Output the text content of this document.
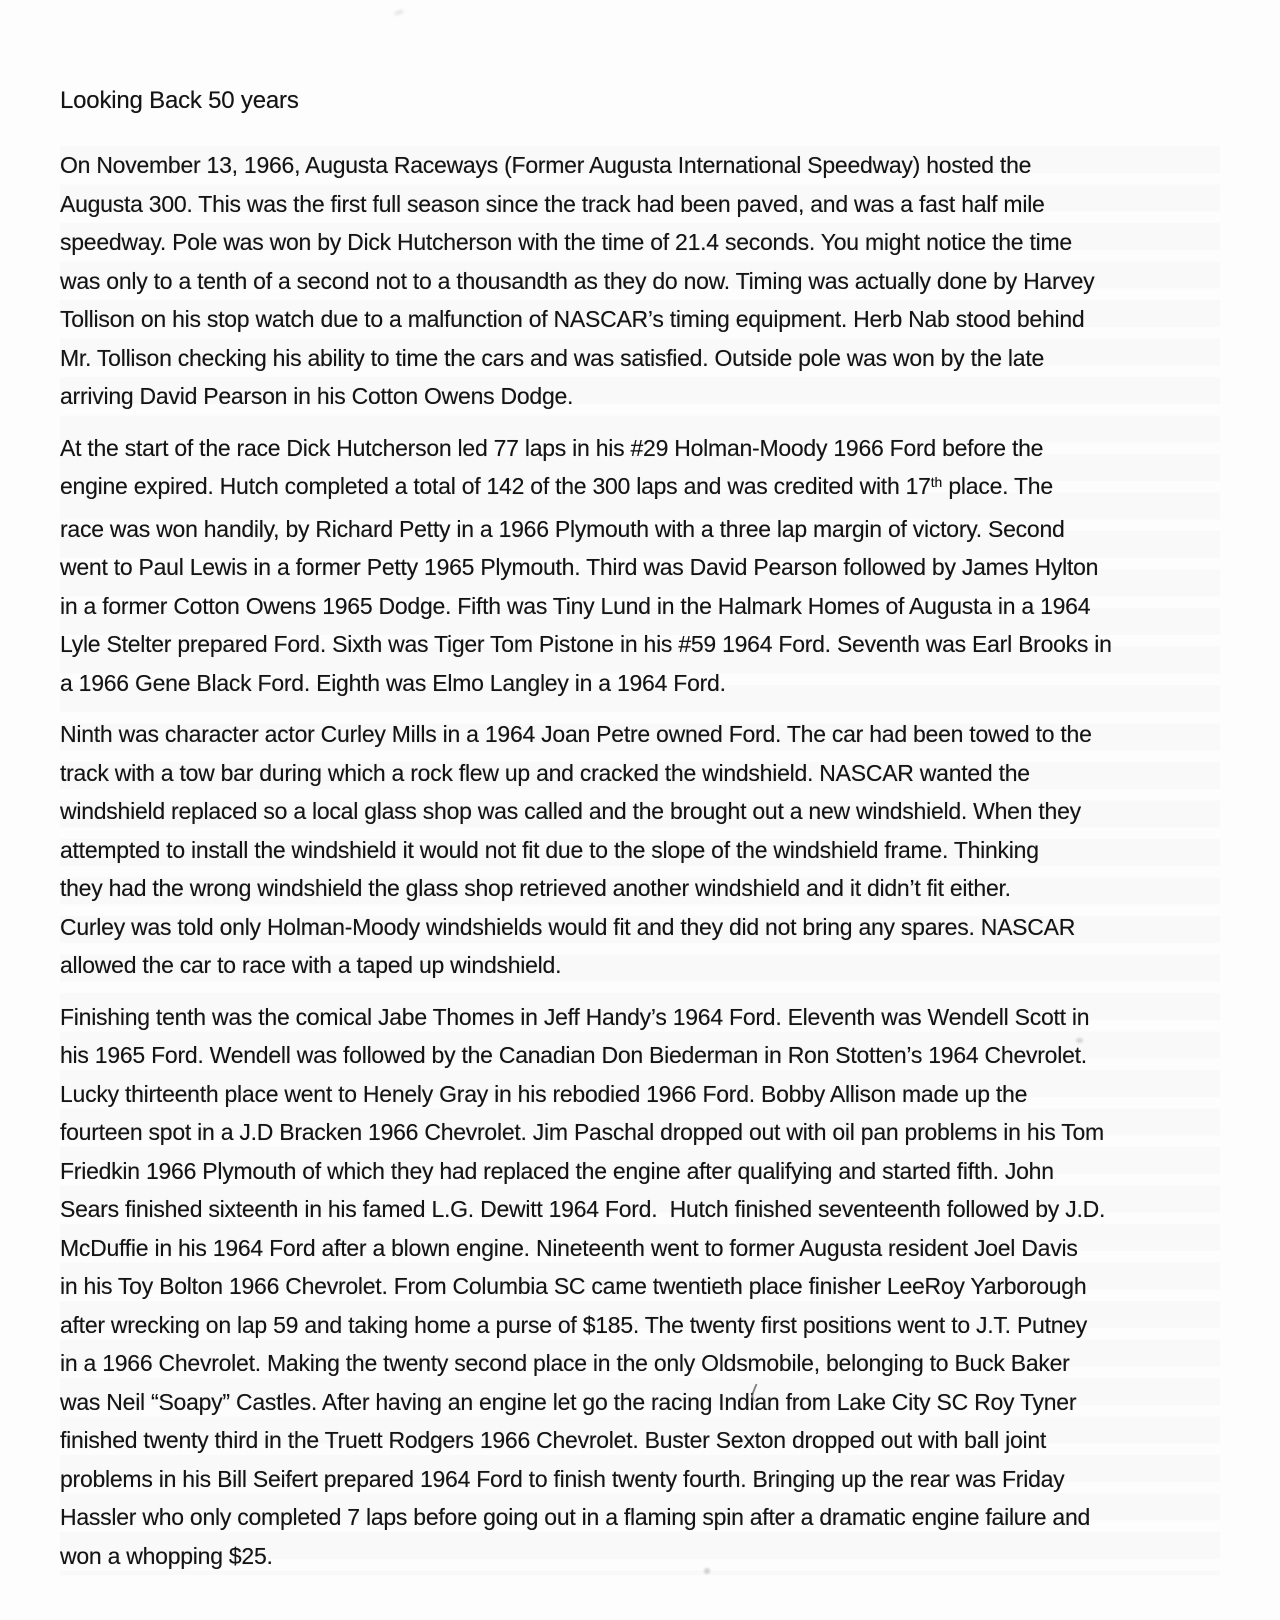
Looking Back 50 years
On November 13, 1966, Augusta Raceways (Former Augusta International Speedway) hosted the
Augusta 300. This was the first full season since the track had been paved, and was a fast half mile
speedway. Pole was won by Dick Hutcherson with the time of 21.4 seconds. You might notice the time
was only to a tenth of a second not to a thousandth as they do now. Timing was actually done by Harvey
Tollison on his stop watch due to a malfunction of NASCAR’s timing equipment. Herb Nab stood behind
Mr. Tollison checking his ability to time the cars and was satisfied. Outside pole was won by the late
arriving David Pearson in his Cotton Owens Dodge.
At the start of the race Dick Hutcherson led 77 laps in his #29 Holman-Moody 1966 Ford before the
engine expired. Hutch completed a total of 142 of the 300 laps and was credited with 17th place. The
race was won handily, by Richard Petty in a 1966 Plymouth with a three lap margin of victory. Second
went to Paul Lewis in a former Petty 1965 Plymouth. Third was David Pearson followed by James Hylton
in a former Cotton Owens 1965 Dodge. Fifth was Tiny Lund in the Halmark Homes of Augusta in a 1964
Lyle Stelter prepared Ford. Sixth was Tiger Tom Pistone in his #59 1964 Ford. Seventh was Earl Brooks in
a 1966 Gene Black Ford. Eighth was Elmo Langley in a 1964 Ford.
Ninth was character actor Curley Mills in a 1964 Joan Petre owned Ford. The car had been towed to the
track with a tow bar during which a rock flew up and cracked the windshield. NASCAR wanted the
windshield replaced so a local glass shop was called and the brought out a new windshield. When they
attempted to install the windshield it would not fit due to the slope of the windshield frame. Thinking
they had the wrong windshield the glass shop retrieved another windshield and it didn’t fit either.
Curley was told only Holman-Moody windshields would fit and they did not bring any spares. NASCAR
allowed the car to race with a taped up windshield.
Finishing tenth was the comical Jabe Thomes in Jeff Handy’s 1964 Ford. Eleventh was Wendell Scott in
his 1965 Ford. Wendell was followed by the Canadian Don Biederman in Ron Stotten’s 1964 Chevrolet.
Lucky thirteenth place went to Henely Gray in his rebodied 1966 Ford. Bobby Allison made up the
fourteen spot in a J.D Bracken 1966 Chevrolet. Jim Paschal dropped out with oil pan problems in his Tom
Friedkin 1966 Plymouth of which they had replaced the engine after qualifying and started fifth. John
Sears finished sixteenth in his famed L.G. Dewitt 1964 Ford.  Hutch finished seventeenth followed by J.D.
McDuffie in his 1964 Ford after a blown engine. Nineteenth went to former Augusta resident Joel Davis
in his Toy Bolton 1966 Chevrolet. From Columbia SC came twentieth place finisher LeeRoy Yarborough
after wrecking on lap 59 and taking home a purse of $185. The twenty first positions went to J.T. Putney
in a 1966 Chevrolet. Making the twenty second place in the only Oldsmobile, belonging to Buck Baker
was Neil “Soapy” Castles. After having an engine let go the racing Indian from Lake City SC Roy Tyner
finished twenty third in the Truett Rodgers 1966 Chevrolet. Buster Sexton dropped out with ball joint
problems in his Bill Seifert prepared 1964 Ford to finish twenty fourth. Bringing up the rear was Friday
Hassler who only completed 7 laps before going out in a flaming spin after a dramatic engine failure and
won a whopping $25.
